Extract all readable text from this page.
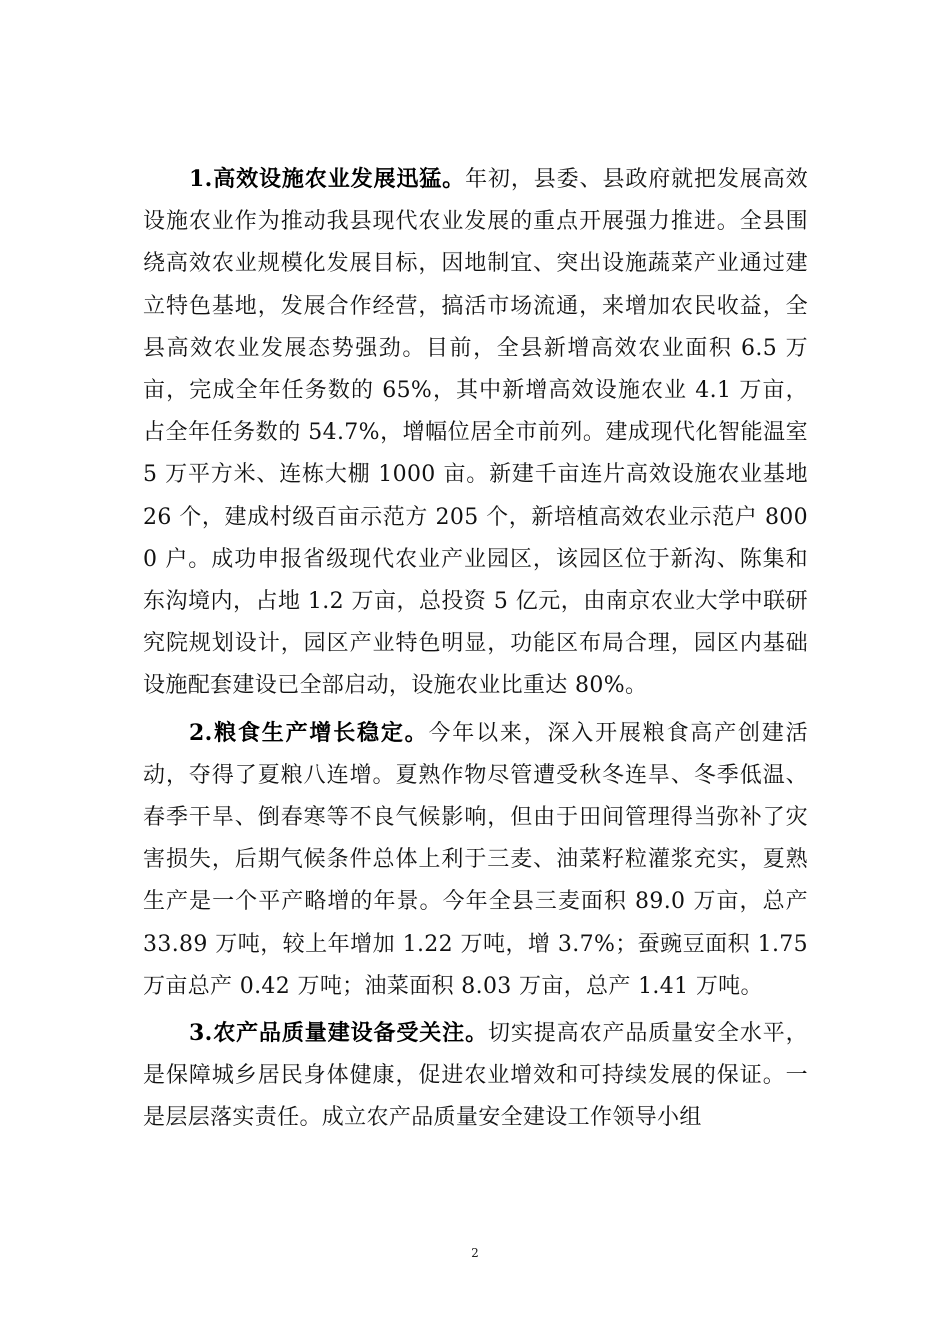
1.高效设施农业发展迅猛。年初，县委、县政府就把发展高效设施农业作为推动我县现代农业发展的重点开展强力推进。全县围绕高效农业规模化发展目标，因地制宜、突出设施蔬菜产业通过建立特色基地，发展合作经营，搞活市场流通，来增加农民收益，全县高效农业发展态势强劲。目前，全县新增高效农业面积 6.5 万亩，完成全年任务数的 65%，其中新增高效设施农业 4.1 万亩，占全年任务数的 54.7%，增幅位居全市前列。建成现代化智能温室 5 万平方米、连栋大棚 1000 亩。新建千亩连片高效设施农业基地 26 个，建成村级百亩示范方 205 个，新培植高效农业示范户 8000 户。成功申报省级现代农业产业园区，该园区位于新沟、陈集和东沟境内，占地 1.2 万亩，总投资 5 亿元，由南京农业大学中联研究院规划设计，园区产业特色明显，功能区布局合理，园区内基础设施配套建设已全部启动，设施农业比重达 80%。

2.粮食生产增长稳定。今年以来，深入开展粮食高产创建活动，夺得了夏粮八连增。夏熟作物尽管遭受秋冬连旱、冬季低温、春季干旱、倒春寒等不良气候影响，但由于田间管理得当弥补了灾害损失，后期气候条件总体上利于三麦、油菜籽粒灌浆充实，夏熟生产是一个平产略增的年景。今年全县三麦面积 89.0 万亩，总产 33.89 万吨，较上年增加 1.22 万吨，增 3.7%；蚕豌豆面积 1.75 万亩总产 0.42 万吨；油菜面积 8.03 万亩，总产 1.41 万吨。

3.农产品质量建设备受关注。切实提高农产品质量安全水平，是保障城乡居民身体健康，促进农业增效和可持续发展的保证。一是层层落实责任。成立农产品质量安全建设工作领导小组

2
